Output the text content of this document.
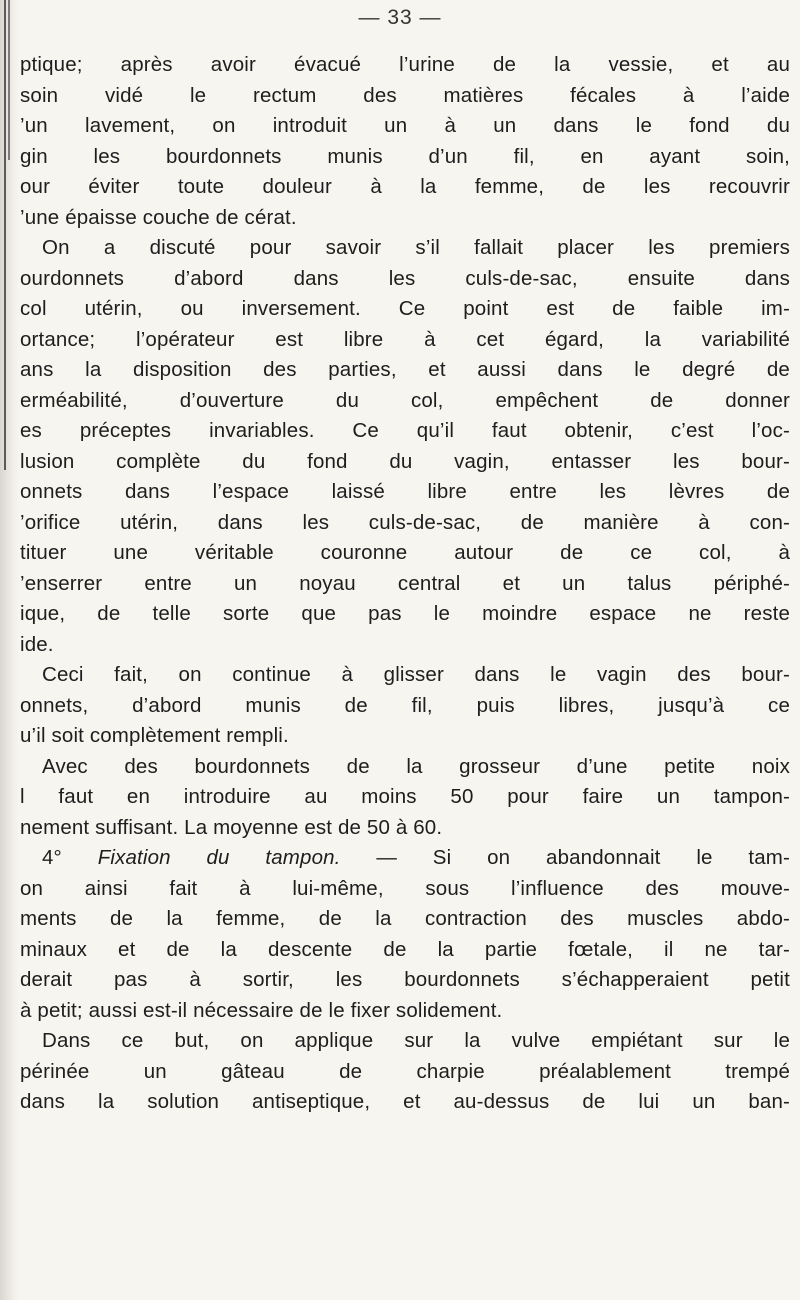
— 33 —
ptique; après avoir évacué l’urine de la vessie, et au
soin vidé le rectum des matières fécales à l’aide
’un lavement, on introduit un à un dans le fond du
gin les bourdonnets munis d’un fil, en ayant soin,
our éviter toute douleur à la femme, de les recouvrir
’une épaisse couche de cérat.
On a discuté pour savoir s’il fallait placer les premiers
ourdonnets d’abord dans les culs-de-sac, ensuite dans
col utérin, ou inversement. Ce point est de faible im-
ortance; l’opérateur est libre à cet égard, la variabilité
ans la disposition des parties, et aussi dans le degré de
erméabilité, d’ouverture du col, empêchent de donner
es préceptes invariables. Ce qu’il faut obtenir, c’est l’oc-
lusion complète du fond du vagin, entasser les bour-
onnets dans l’espace laissé libre entre les lèvres de
’orifice utérin, dans les culs-de-sac, de manière à con-
tituer une véritable couronne autour de ce col, à
’enserrer entre un noyau central et un talus périphé-
ique, de telle sorte que pas le moindre espace ne reste
ide.
Ceci fait, on continue à glisser dans le vagin des bour-
onnets, d’abord munis de fil, puis libres, jusqu’à ce
u’il soit complètement rempli.
Avec des bourdonnets de la grosseur d’une petite noix
l faut en introduire au moins 50 pour faire un tampon-
nement suffisant. La moyenne est de 50 à 60.
4° Fixation du tampon. — Si on abandonnait le tam-
on ainsi fait à lui-même, sous l’influence des mouve-
ments de la femme, de la contraction des muscles abdo-
minaux et de la descente de la partie fœtale, il ne tar-
derait pas à sortir, les bourdonnets s’échapperaient petit
à petit; aussi est-il nécessaire de le fixer solidement.
Dans ce but, on applique sur la vulve empiétant sur le
périnée un gâteau de charpie préalablement trempé
dans la solution antiseptique, et au-dessus de lui un ban-
